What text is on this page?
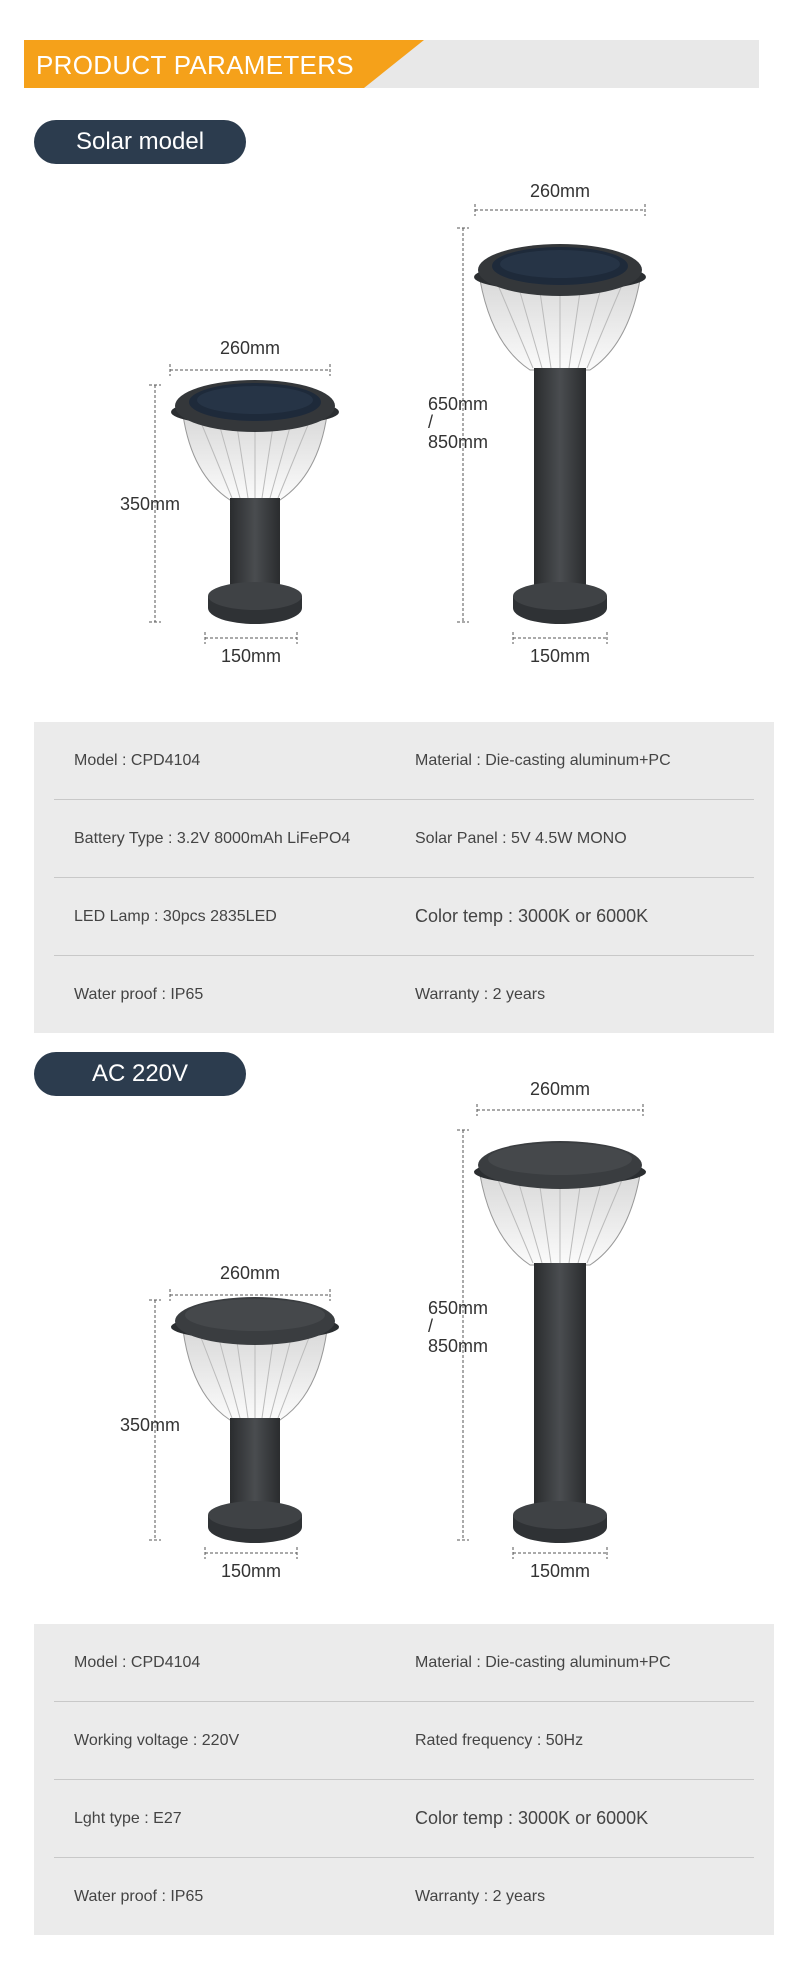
PRODUCT PARAMETERS
Solar model
260mm
260mm
350mm
650mm
/
850mm
150mm	150mm
Model : CPD4104	Material : Die-casting aluminum+PC
Battery Type : 3.2V 8000mAh LiFePO4	Solar Panel : 5V 4.5W MONO
LED Lamp : 30pcs 2835LED	Color temp : 3000K or 6000K
Water proof : IP65	Warranty : 2 years
AC 220V
260mm
260mm
350mm
650mm
/
850mm
150mm	150mm
Model : CPD4104	Material : Die-casting aluminum+PC
Working voltage : 220V	Rated frequency : 50Hz
Lght type : E27	Color temp : 3000K or 6000K
Water proof : IP65	Warranty : 2 years
